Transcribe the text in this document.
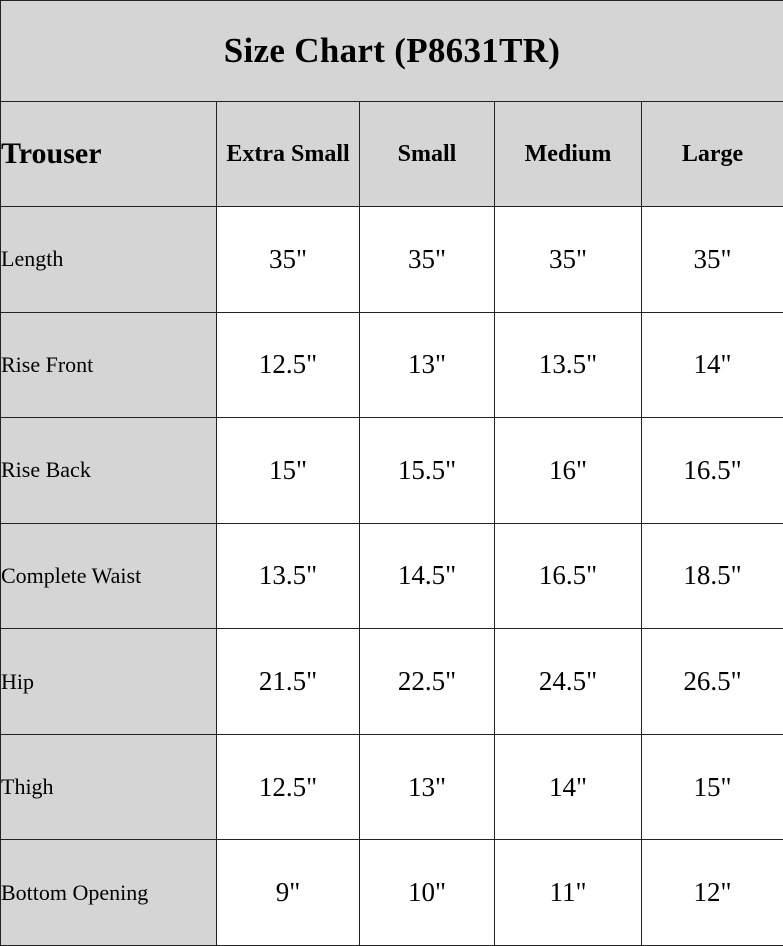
Size Chart (P8631TR)				
Trouser	Extra Small	Small	Medium	Large
Length	35"	35"	35"	35"
Rise Front	12.5"	13"	13.5"	14"
Rise Back	15"	15.5"	16"	16.5"
Complete Waist	13.5"	14.5"	16.5"	18.5"
Hip	21.5"	22.5"	24.5"	26.5"
Thigh	12.5"	13"	14"	15"
Bottom Opening	9"	10"	11"	12"
